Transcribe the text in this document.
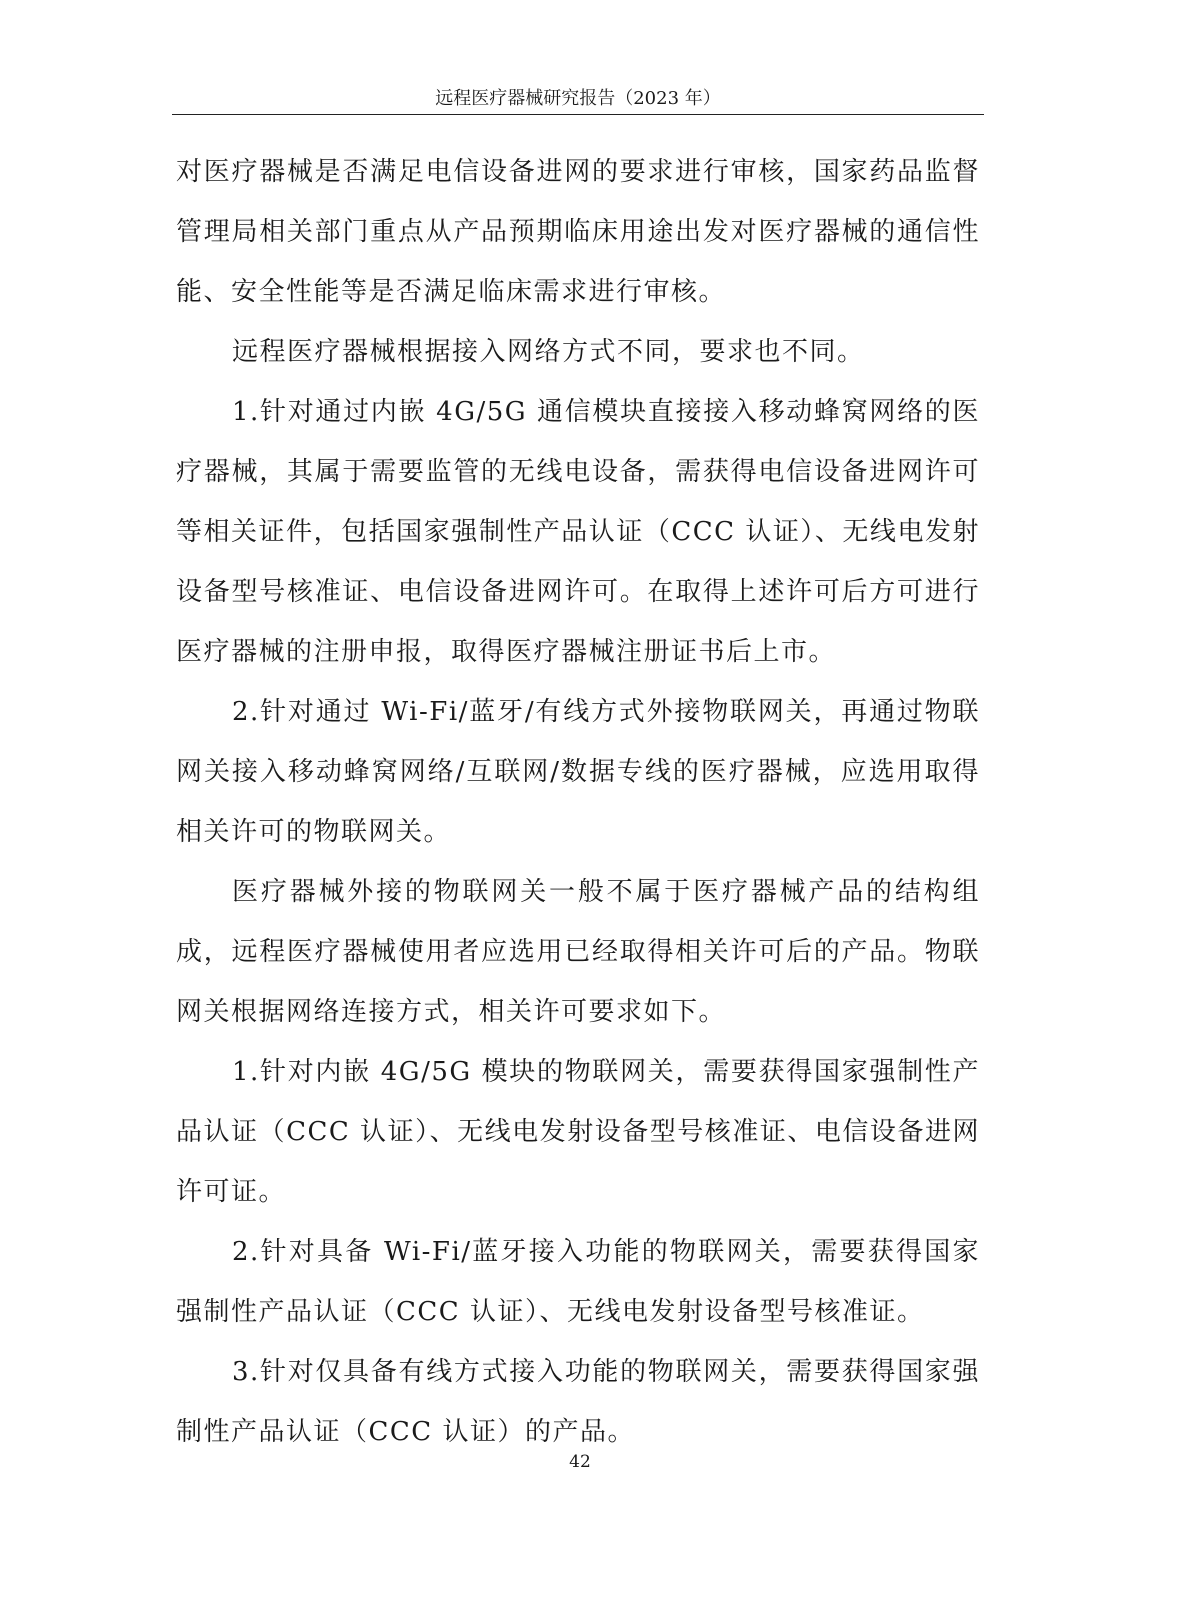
远程医疗器械研究报告（2023 年）

对医疗器械是否满足电信设备进网的要求进行审核，国家药品监督管理局相关部门重点从产品预期临床用途出发对医疗器械的通信性能、安全性能等是否满足临床需求进行审核。

远程医疗器械根据接入网络方式不同，要求也不同。

1.针对通过内嵌 4G/5G 通信模块直接接入移动蜂窝网络的医疗器械，其属于需要监管的无线电设备，需获得电信设备进网许可等相关证件，包括国家强制性产品认证（CCC 认证）、无线电发射设备型号核准证、电信设备进网许可。在取得上述许可后方可进行医疗器械的注册申报，取得医疗器械注册证书后上市。

2.针对通过 Wi-Fi/蓝牙/有线方式外接物联网关，再通过物联网关接入移动蜂窝网络/互联网/数据专线的医疗器械，应选用取得相关许可的物联网关。

医疗器械外接的物联网关一般不属于医疗器械产品的结构组成，远程医疗器械使用者应选用已经取得相关许可后的产品。物联网关根据网络连接方式，相关许可要求如下。

1.针对内嵌 4G/5G 模块的物联网关，需要获得国家强制性产品认证（CCC 认证）、无线电发射设备型号核准证、电信设备进网许可证。

2.针对具备 Wi-Fi/蓝牙接入功能的物联网关，需要获得国家强制性产品认证（CCC 认证）、无线电发射设备型号核准证。

3.针对仅具备有线方式接入功能的物联网关，需要获得国家强制性产品认证（CCC 认证）的产品。

42
